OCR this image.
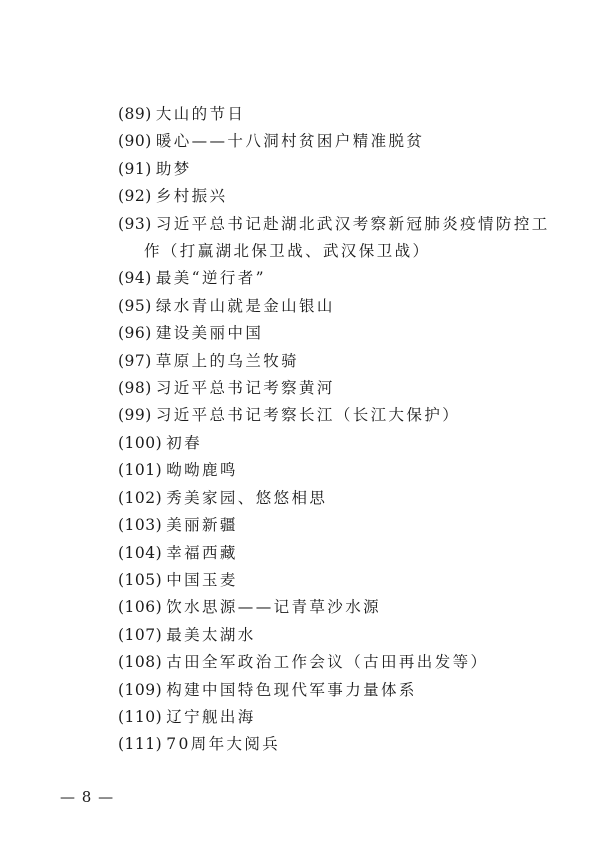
(89) 大山的节日
(90) 暖心——十八洞村贫困户精准脱贫
(91) 助梦
(92) 乡村振兴
(93) 习近平总书记赴湖北武汉考察新冠肺炎疫情防控工
作（打赢湖北保卫战、武汉保卫战）
(94) 最美“逆行者”
(95) 绿水青山就是金山银山
(96) 建设美丽中国
(97) 草原上的乌兰牧骑
(98) 习近平总书记考察黄河
(99) 习近平总书记考察长江（长江大保护）
(100) 初春
(101) 呦呦鹿鸣
(102) 秀美家园、悠悠相思
(103) 美丽新疆
(104) 幸福西藏
(105) 中国玉麦
(106) 饮水思源——记青草沙水源
(107) 最美太湖水
(108) 古田全军政治工作会议（古田再出发等）
(109) 构建中国特色现代军事力量体系
(110) 辽宁舰出海
(111) 70周年大阅兵
— 8 —
